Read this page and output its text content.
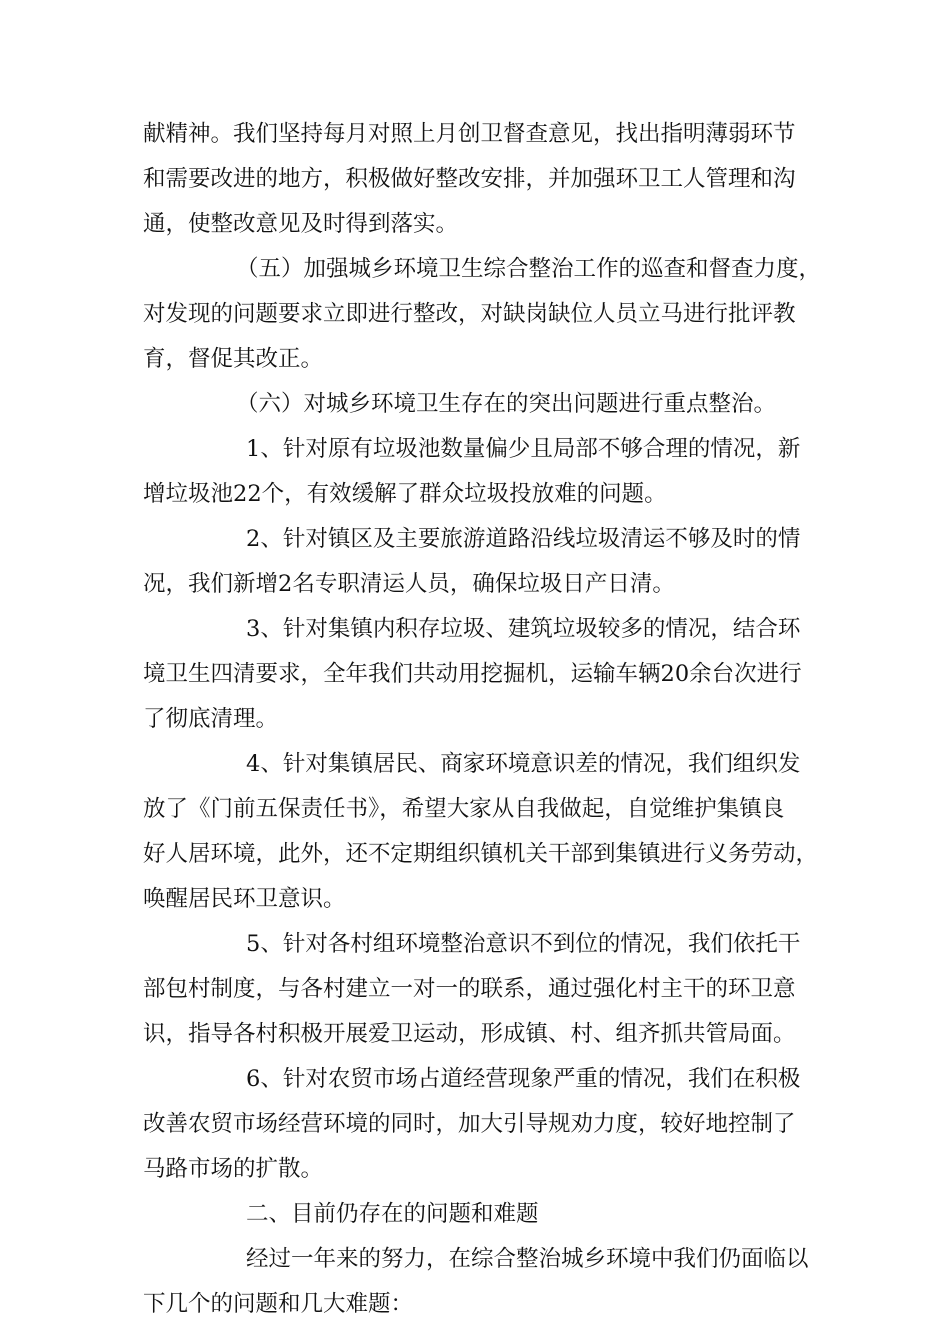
献精神。我们坚持每月对照上月创卫督查意见，找出指明薄弱环节
和需要改进的地方，积极做好整改安排，并加强环卫工人管理和沟
通，使整改意见及时得到落实。
（五）加强城乡环境卫生综合整治工作的巡查和督查力度，
对发现的问题要求立即进行整改，对缺岗缺位人员立马进行批评教
育，督促其改正。
（六）对城乡环境卫生存在的突出问题进行重点整治。
1、针对原有垃圾池数量偏少且局部不够合理的情况，新
增垃圾池22个，有效缓解了群众垃圾投放难的问题。
2、针对镇区及主要旅游道路沿线垃圾清运不够及时的情
况，我们新增2名专职清运人员，确保垃圾日产日清。
3、针对集镇内积存垃圾、建筑垃圾较多的情况，结合环
境卫生四清要求，全年我们共动用挖掘机，运输车辆20余台次进行
了彻底清理。
4、针对集镇居民、商家环境意识差的情况，我们组织发
放了《门前五保责任书》，希望大家从自我做起，自觉维护集镇良
好人居环境，此外，还不定期组织镇机关干部到集镇进行义务劳动，
唤醒居民环卫意识。
5、针对各村组环境整治意识不到位的情况，我们依托干
部包村制度，与各村建立一对一的联系，通过强化村主干的环卫意
识，指导各村积极开展爱卫运动，形成镇、村、组齐抓共管局面。
6、针对农贸市场占道经营现象严重的情况，我们在积极
改善农贸市场经营环境的同时，加大引导规劝力度，较好地控制了
马路市场的扩散。
二、目前仍存在的问题和难题
经过一年来的努力，在综合整治城乡环境中我们仍面临以
下几个的问题和几大难题：
